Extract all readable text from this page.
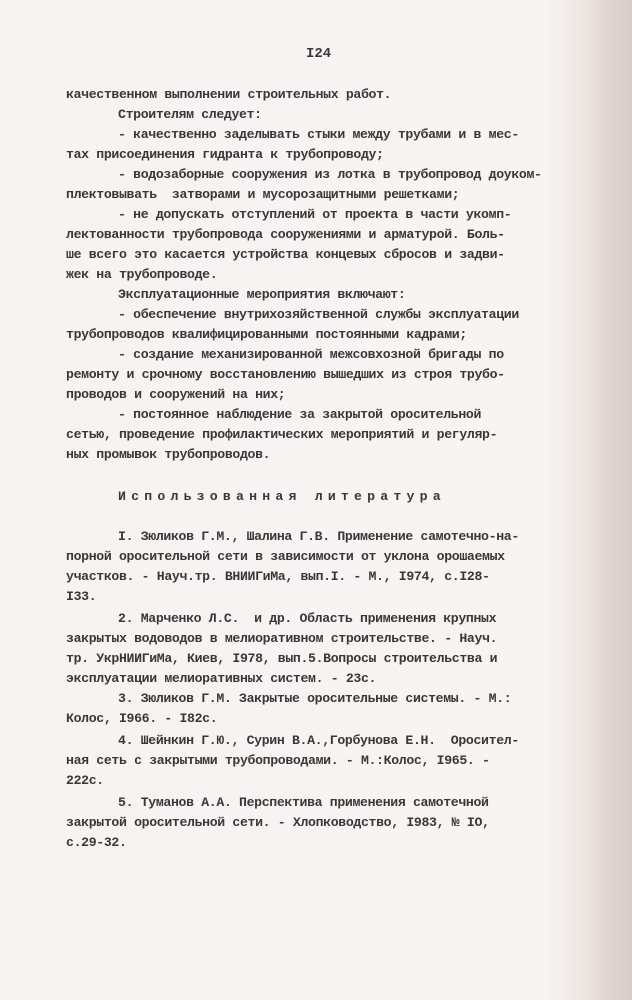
I24
качественном выполнении строительных работ.
Строителям следует:
- качественно заделывать стыки между трубами и в мес-
тах присоединения гидранта к трубопроводу;
- водозаборные сооружения из лотка в трубопровод доуком-
плектовывать  затворами и мусорозащитными решетками;
- не допускать отступлений от проекта в части укомп-
лектованности трубопровода сооружениями и арматурой. Боль-
ше всего это касается устройства концевых сбросов и задви-
жек на трубопроводе.
Эксплуатационные мероприятия включают:
- обеспечение внутрихозяйственной службы эксплуатации
трубопроводов квалифицированными постоянными кадрами;
- создание механизированной межсовхозной бригады по
ремонту и срочному восстановлению вышедших из строя трубо-
проводов и сооружений на них;
- постоянное наблюдение за закрытой оросительной
сетью, проведение профилактических мероприятий и регуляр-
ных промывок трубопроводов.
Использованная литература
I. Зюликов Г.М., Шалина Г.В. Применение самотечно-на-
порной оросительной сети в зависимости от уклона орошаемых
участков. - Науч.тр. ВНИИГиМа, вып.I. - М., I974, с.I28-
I33.
2. Марченко Л.С.  и др. Область применения крупных
закрытых водоводов в мелиоративном строительстве. - Науч.
тр. УкрНИИГиМа, Киев, I978, вып.5.Вопросы строительства и
эксплуатации мелиоративных систем. - 23с.
3. Зюликов Г.М. Закрытые оросительные системы. - М.:
Колос, I966. - I82с.
4. Шейнкин Г.Ю., Сурин В.А.,Горбунова Е.Н.  Оросител-
ная сеть с закрытыми трубопроводами. - М.:Колос, I965. -
222с.
5. Туманов А.А. Перспектива применения самотечной
закрытой оросительной сети. - Хлопководство, I983, № IO,
с.29-32.
